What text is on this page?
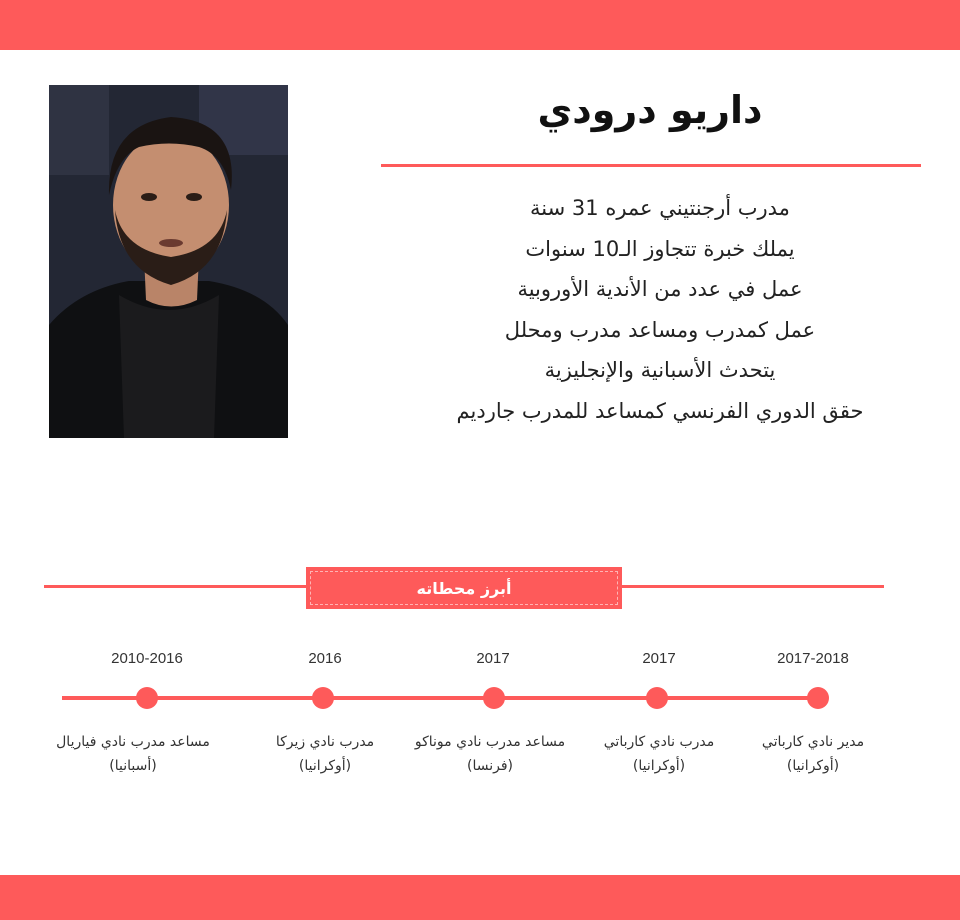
داريو درودي
مدرب أرجنتيني عمره 31 سنة
يملك خبرة تتجاوز الـ10 سنوات
عمل في عدد من الأندية الأوروبية
عمل كمدرب ومساعد مدرب ومحلل
يتحدث الأسبانية والإنجليزية
حقق الدوري الفرنسي كمساعد للمدرب جارديم
أبرز محطاته
2017-2018
مدير نادي كارباتي
(أوكرانيا)
2017
مدرب نادي كارباتي
(أوكرانيا)
2017
مساعد مدرب نادي موناكو
(فرنسا)
2016
مدرب نادي زيركا
(أوكرانيا)
2010-2016
مساعد مدرب نادي فياريال
(أسبانيا)
